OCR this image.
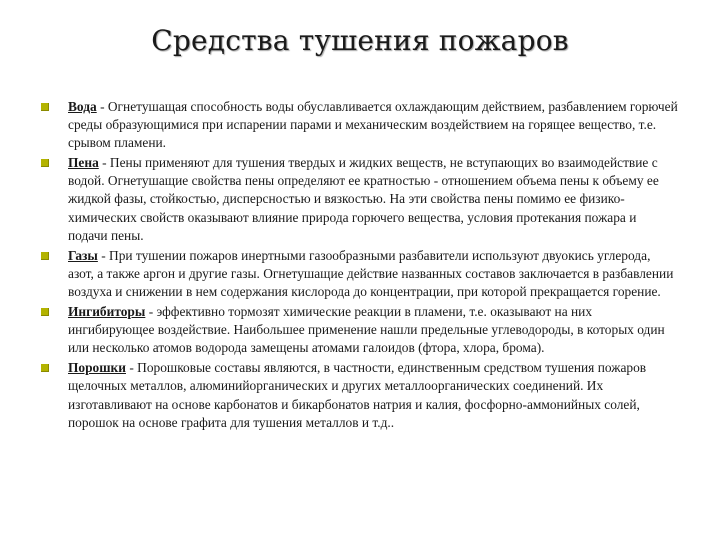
Средства тушения пожаров
Вода - Огнетушащая способность воды обуславливается охлаждающим действием, разбавлением горючей среды образующимися при испарении парами и механическим воздействием на горящее вещество, т.е. срывом пламени.
Пена - Пены применяют для тушения твердых и жидких веществ, не вступающих во взаимодействие с водой. Огнетушащие свойства пены определяют ее кратностью - отношением объема пены к объему ее жидкой фазы, стойкостью, дисперсностью и вязкостью. На эти свойства пены помимо ее физико-химических свойств оказывают влияние природа горючего вещества, условия протекания пожара и подачи пены.
Газы - При тушении пожаров инертными газообразными разбавители используют двуокись углерода, азот, а также аргон и другие газы. Огнетушащие действие названных составов заключается в разбавлении воздуха и снижении в нем содержания кислорода до концентрации, при которой прекращается горение.
Ингибиторы - эффективно тормозят химические реакции в пламени, т.е. оказывают на них ингибирующее воздействие. Наибольшее применение нашли предельные углеводороды, в которых один или несколько атомов водорода замещены атомами галоидов (фтора, хлора, брома).
Порошки - Порошковые составы являются, в частности, единственным средством тушения пожаров щелочных металлов, алюминийорганических и других металлоорганических соединений. Их изготавливают на основе карбонатов и бикарбонатов натрия и калия, фосфорно-аммонийных солей, порошок на основе графита для тушения металлов и т.д..
